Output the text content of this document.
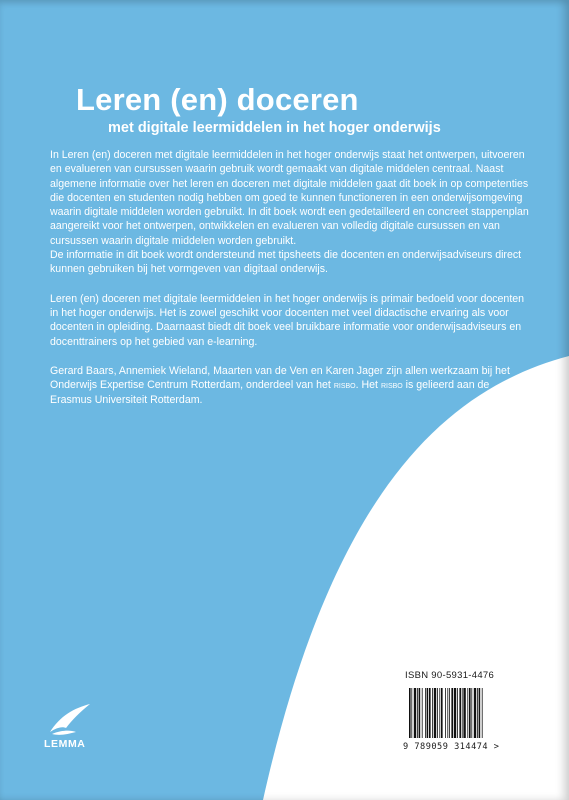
Leren (en) doceren
met digitale leermiddelen in het hoger onderwijs

In Leren (en) doceren met digitale leermiddelen in het hoger onderwijs staat het ontwerpen, uitvoeren en evalueren van cursussen waarin gebruik wordt gemaakt van digitale middelen centraal. Naast algemene informatie over het leren en doceren met digitale middelen gaat dit boek in op competenties die docenten en studenten nodig hebben om goed te kunnen functioneren in een onderwijsomgeving waarin digitale middelen worden gebruikt. In dit boek wordt een gedetailleerd en concreet stappenplan aangereikt voor het ontwerpen, ontwikkelen en evalueren van volledig digitale cursussen en van cursussen waarin digitale middelen worden gebruikt.

De informatie in dit boek wordt ondersteund met tipsheets die docenten en onderwijsadviseurs direct kunnen gebruiken bij het vormgeven van digitaal onderwijs.

Leren (en) doceren met digitale leermiddelen in het hoger onderwijs is primair bedoeld voor docenten in het hoger onderwijs. Het is zowel geschikt voor docenten met veel didactische ervaring als voor docenten in opleiding. Daarnaast biedt dit boek veel bruikbare informatie voor onderwijsadviseurs en docenttrainers op het gebied van e-learning.

Gerard Baars, Annemiek Wieland, Maarten van de Ven en Karen Jager zijn allen werkzaam bij het Onderwijs Expertise Centrum Rotterdam, onderdeel van het risbo. Het risbo is gelieerd aan de Erasmus Universiteit Rotterdam.

LEMMA
ISBN 90-5931-4476
9 789059 314474 >
